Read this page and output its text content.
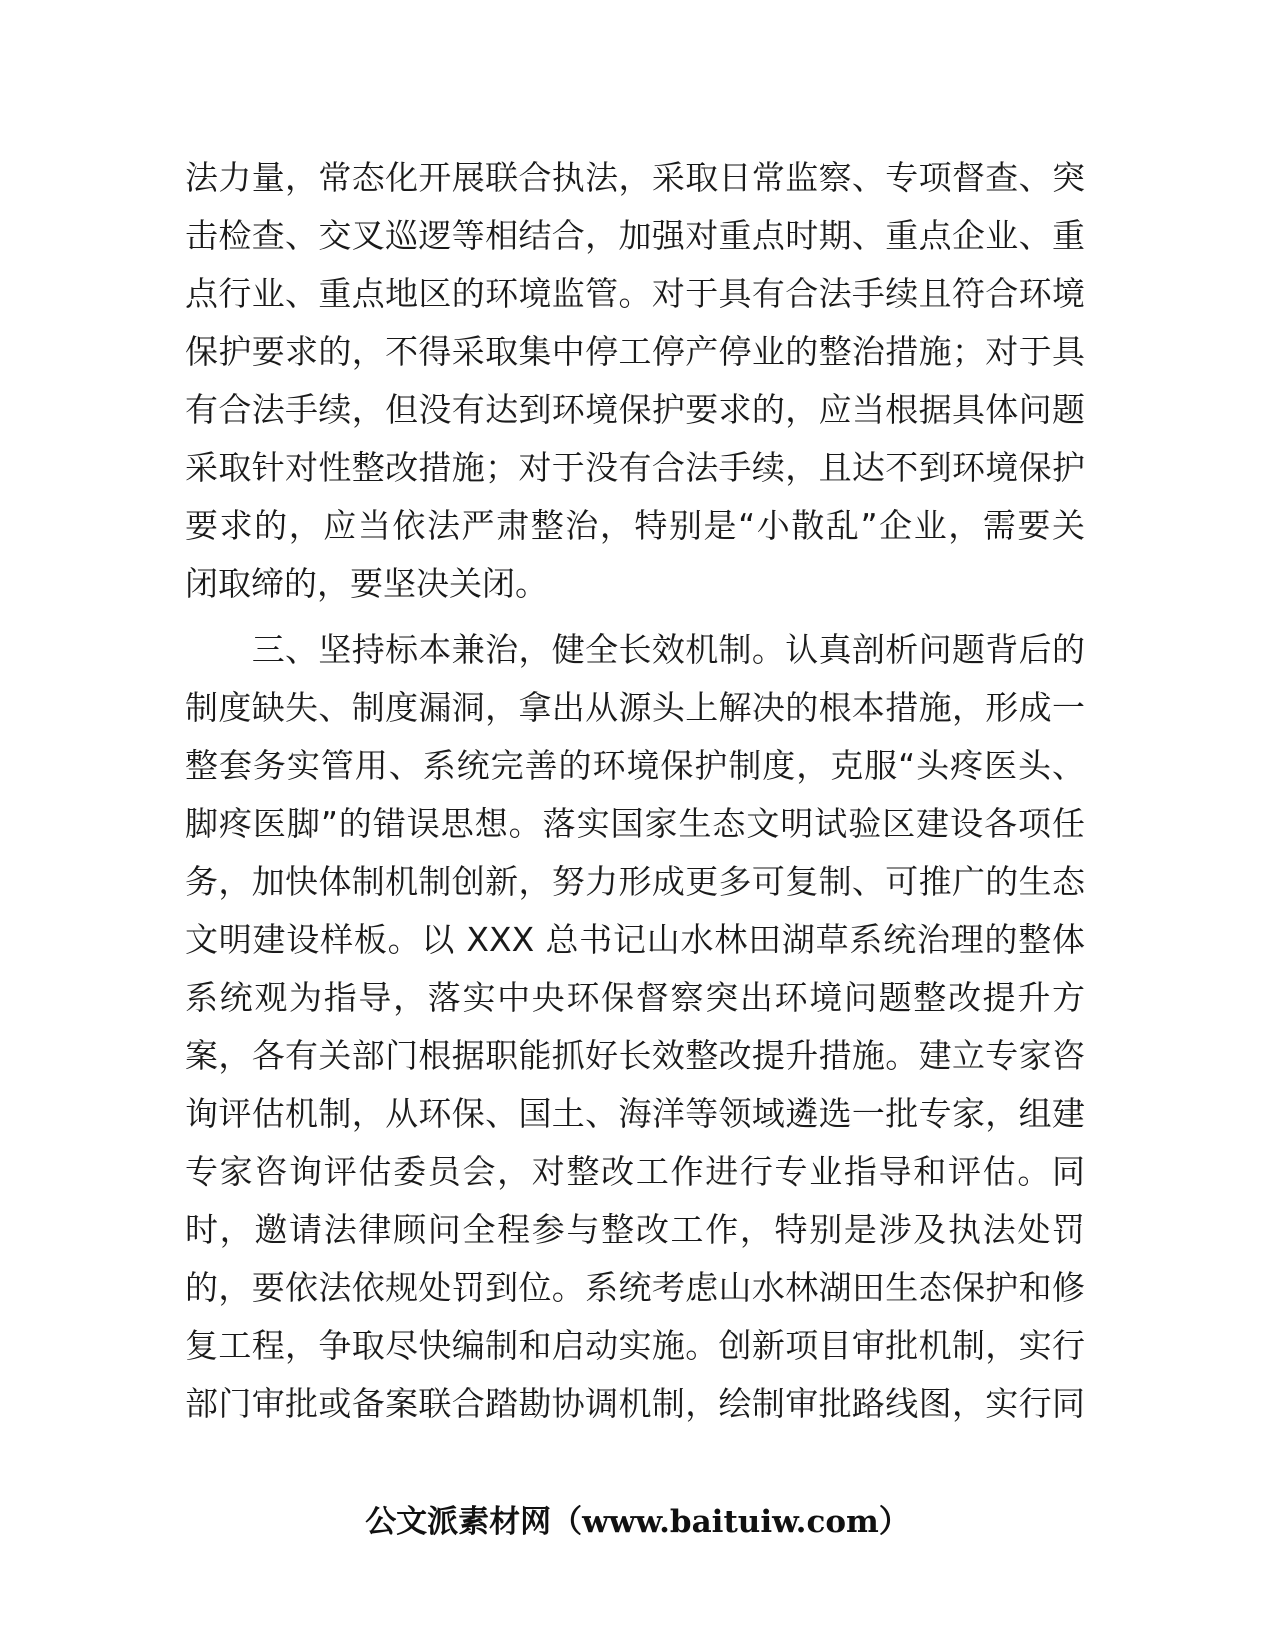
法力量，常态化开展联合执法，采取日常监察、专项督查、突
击检查、交叉巡逻等相结合，加强对重点时期、重点企业、重
点行业、重点地区的环境监管。对于具有合法手续且符合环境
保护要求的，不得采取集中停工停产停业的整治措施；对于具
有合法手续，但没有达到环境保护要求的，应当根据具体问题
采取针对性整改措施；对于没有合法手续，且达不到环境保护
要求的，应当依法严肃整治，特别是“小散乱”企业，需要关
闭取缔的，要坚决关闭。
　　三、坚持标本兼治，健全长效机制。认真剖析问题背后的
制度缺失、制度漏洞，拿出从源头上解决的根本措施，形成一
整套务实管用、系统完善的环境保护制度，克服“头疼医头、
脚疼医脚”的错误思想。落实国家生态文明试验区建设各项任
务，加快体制机制创新，努力形成更多可复制、可推广的生态
文明建设样板。以 XXX 总书记山水林田湖草系统治理的整体
系统观为指导，落实中央环保督察突出环境问题整改提升方
案，各有关部门根据职能抓好长效整改提升措施。建立专家咨
询评估机制，从环保、国土、海洋等领域遴选一批专家，组建
专家咨询评估委员会，对整改工作进行专业指导和评估。同
时，邀请法律顾问全程参与整改工作，特别是涉及执法处罚
的，要依法依规处罚到位。系统考虑山水林湖田生态保护和修
复工程，争取尽快编制和启动实施。创新项目审批机制，实行
部门审批或备案联合踏勘协调机制，绘制审批路线图，实行同
公文派素材网（www.baituiw.com）
